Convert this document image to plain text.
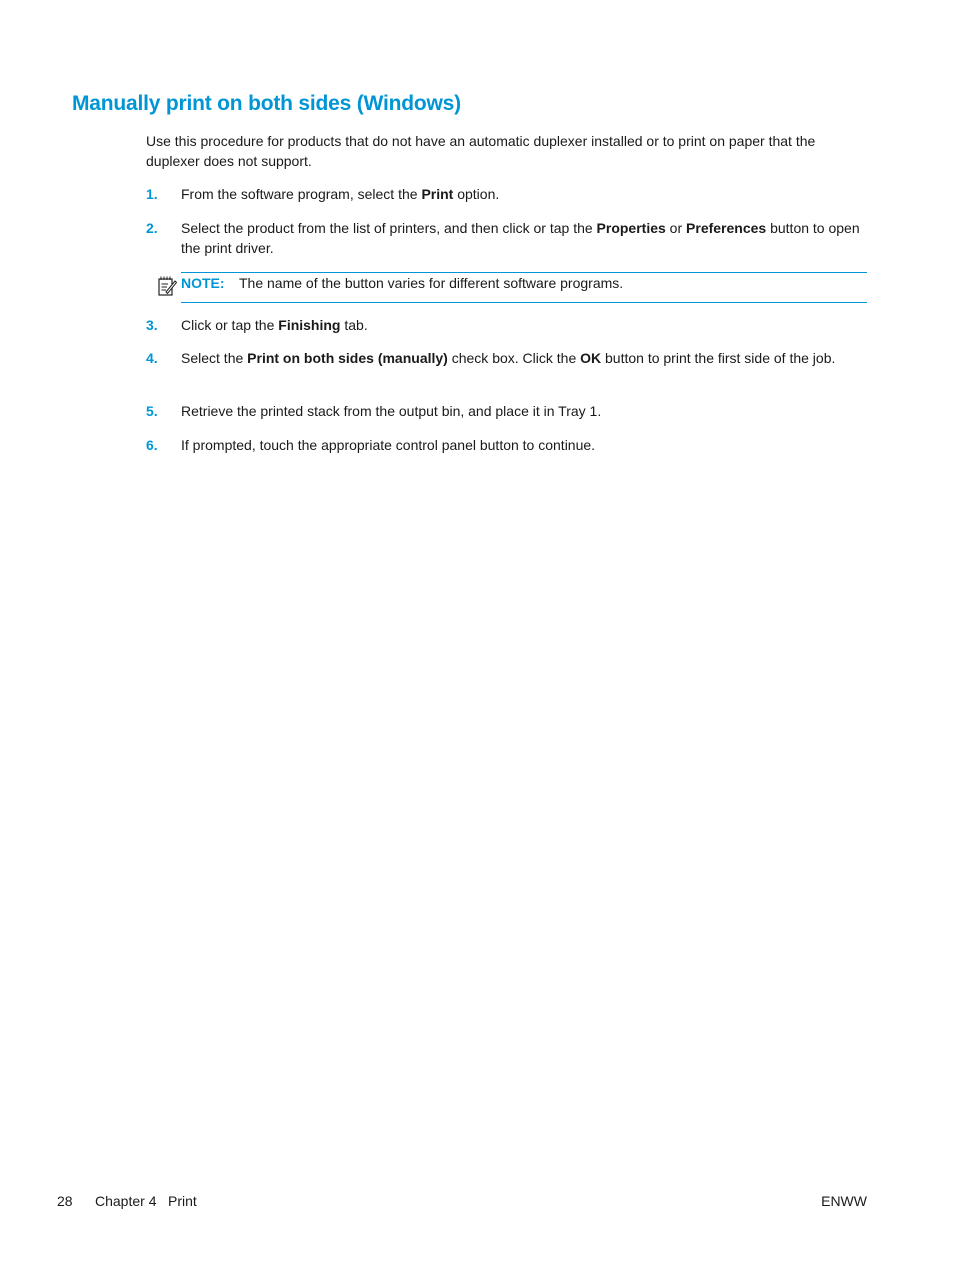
Manually print on both sides (Windows)

Use this procedure for products that do not have an automatic duplexer installed or to print on paper that the duplexer does not support.

1.	From the software program, select the Print option.
2.	Select the product from the list of printers, and then click or tap the Properties or Preferences button to open the print driver.
NOTE: The name of the button varies for different software programs.
3.	Click or tap the Finishing tab.
4.	Select the Print on both sides (manually) check box. Click the OK button to print the first side of the job.
5.	Retrieve the printed stack from the output bin, and place it in Tray 1.
6.	If prompted, touch the appropriate control panel button to continue.
28 Chapter 4 Print	ENWW
